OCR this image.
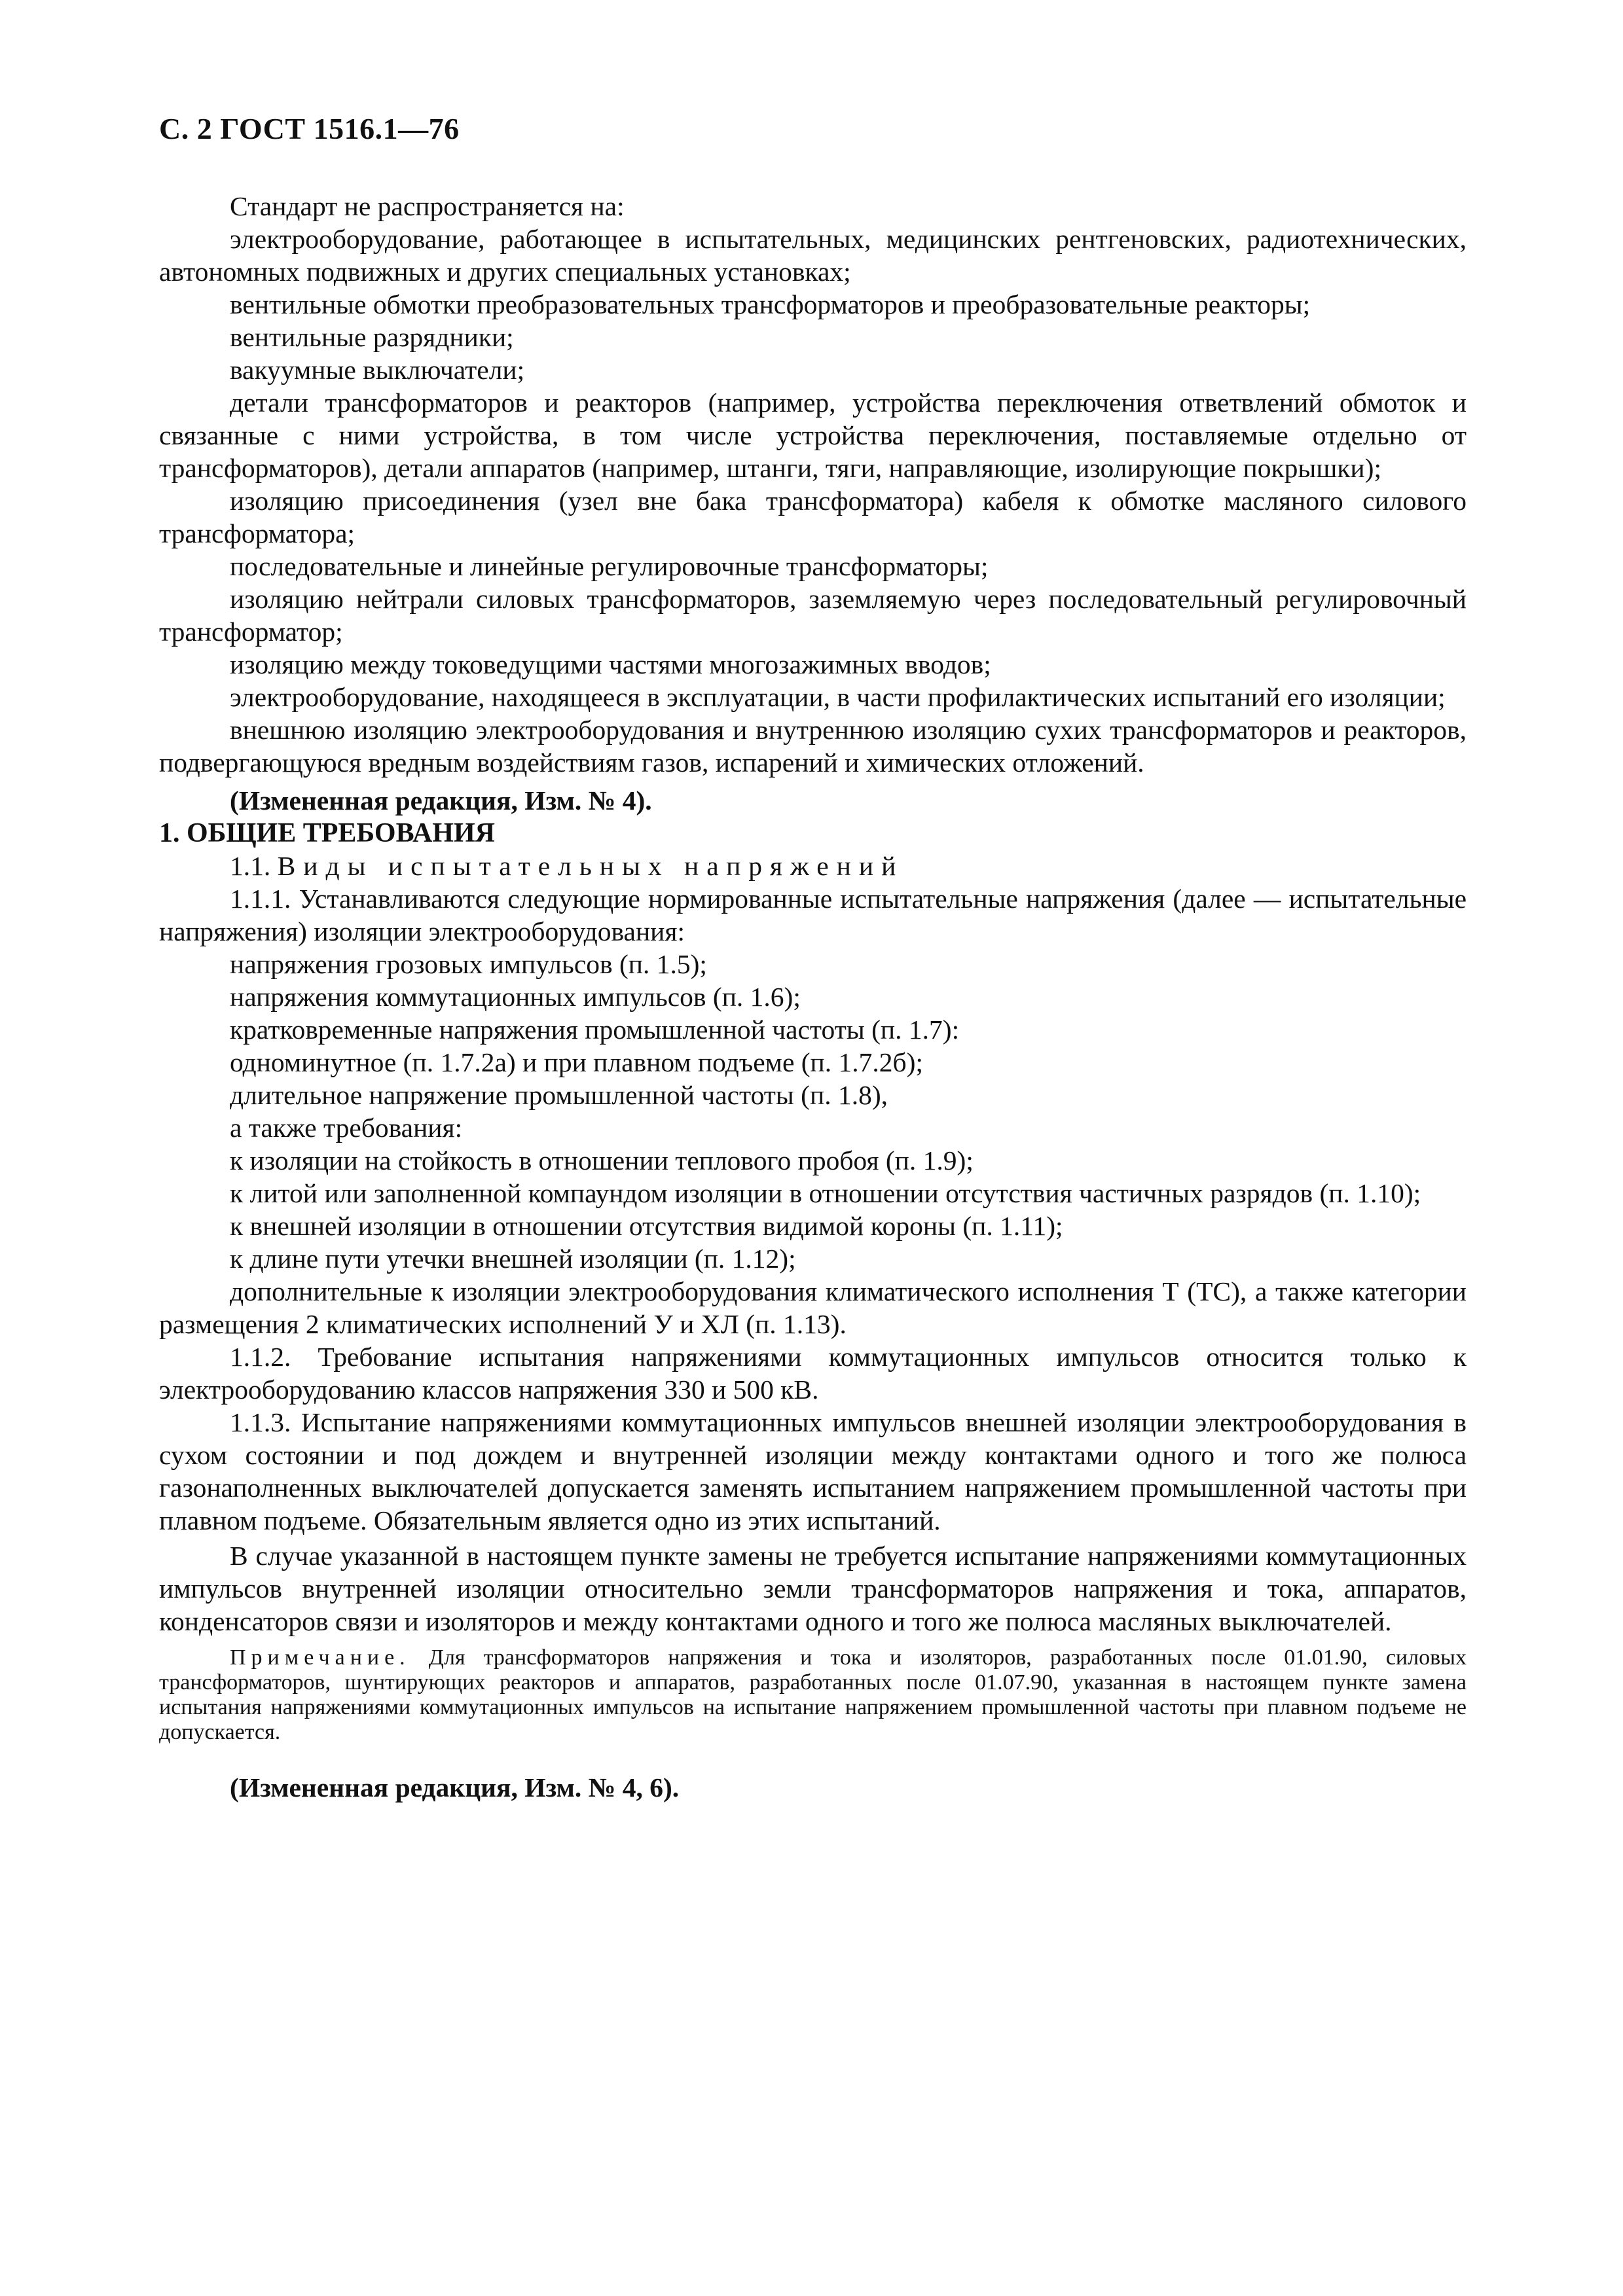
С. 2 ГОСТ 1516.1—76

Стандарт не распространяется на:

электрооборудование, работающее в испытательных, медицинских рентгеновских, радиотехнических, автономных подвижных и других специальных установках;

вентильные обмотки преобразовательных трансформаторов и преобразовательные реакторы;

вентильные разрядники;

вакуумные выключатели;

детали трансформаторов и реакторов (например, устройства переключения ответвлений обмоток и связанные с ними устройства, в том числе устройства переключения, поставляемые отдельно от трансформаторов), детали аппаратов (например, штанги, тяги, направляющие, изолирующие покрышки);

изоляцию присоединения (узел вне бака трансформатора) кабеля к обмотке масляного силового трансформатора;

последовательные и линейные регулировочные трансформаторы;

изоляцию нейтрали силовых трансформаторов, заземляемую через последовательный регулировочный трансформатор;

изоляцию между токоведущими частями многозажимных вводов;

электрооборудование, находящееся в эксплуатации, в части профилактических испытаний его изоляции;

внешнюю изоляцию электрооборудования и внутреннюю изоляцию сухих трансформаторов и реакторов, подвергающуюся вредным воздействиям газов, испарений и химических отложений.

(Измененная редакция, Изм. № 4).

1. ОБЩИЕ ТРЕБОВАНИЯ

1.1. Виды испытательных напряжений

1.1.1. Устанавливаются следующие нормированные испытательные напряжения (далее — испытательные напряжения) изоляции электрооборудования:

напряжения грозовых импульсов (п. 1.5);

напряжения коммутационных импульсов (п. 1.6);

кратковременные напряжения промышленной частоты (п. 1.7):

одноминутное (п. 1.7.2а) и при плавном подъеме (п. 1.7.2б);

длительное напряжение промышленной частоты (п. 1.8),

а также требования:

к изоляции на стойкость в отношении теплового пробоя (п. 1.9);

к литой или заполненной компаундом изоляции в отношении отсутствия частичных разрядов (п. 1.10);

к внешней изоляции в отношении отсутствия видимой короны (п. 1.11);

к длине пути утечки внешней изоляции (п. 1.12);

дополнительные к изоляции электрооборудования климатического исполнения Т (ТС), а также категории размещения 2 климатических исполнений У и ХЛ (п. 1.13).

1.1.2. Требование испытания напряжениями коммутационных импульсов относится только к электрооборудованию классов напряжения 330 и 500 кВ.

1.1.3. Испытание напряжениями коммутационных импульсов внешней изоляции электрооборудования в сухом состоянии и под дождем и внутренней изоляции между контактами одного и того же полюса газонаполненных выключателей допускается заменять испытанием напряжением промышленной частоты при плавном подъеме. Обязательным является одно из этих испытаний.

В случае указанной в настоящем пункте замены не требуется испытание напряжениями коммутационных импульсов внутренней изоляции относительно земли трансформаторов напряжения и тока, аппаратов, конденсаторов связи и изоляторов и между контактами одного и того же полюса масляных выключателей.

Примечание. Для трансформаторов напряжения и тока и изоляторов, разработанных после 01.01.90, силовых трансформаторов, шунтирующих реакторов и аппаратов, разработанных после 01.07.90, указанная в настоящем пункте замена испытания напряжениями коммутационных импульсов на испытание напряжением промышленной частоты при плавном подъеме не допускается.

(Измененная редакция, Изм. № 4, 6).
